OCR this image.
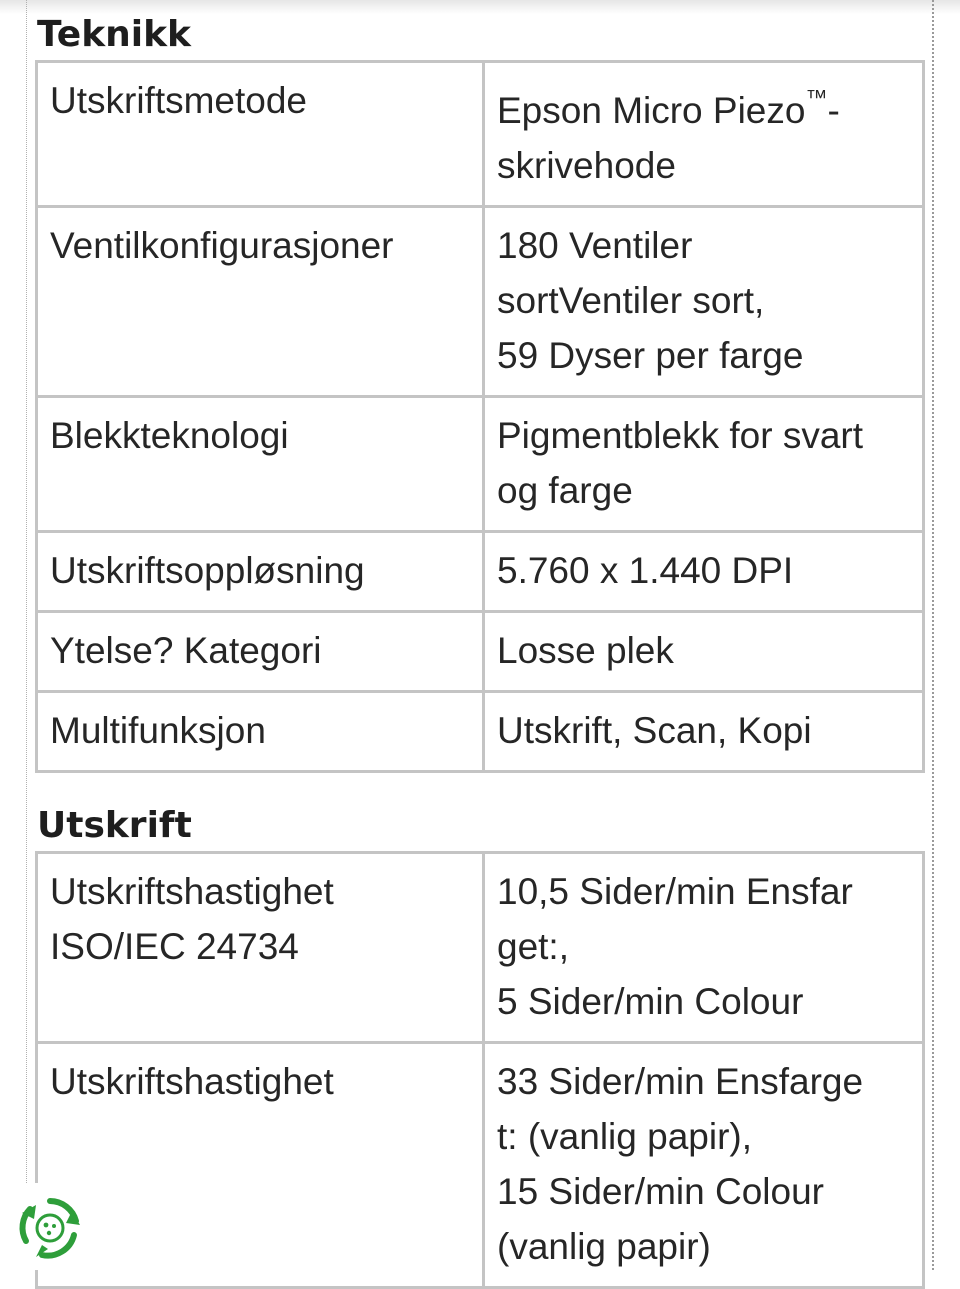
Teknikk
Utskriftsmetode	Epson Micro Piezo™-
skrivehode
Ventilkonfigurasjoner	180 Ventiler
sortVentiler sort,
59 Dyser per farge
Blekkteknologi	Pigmentblekk for svart
og farge
Utskriftsoppløsning	5.760 x 1.440 DPI
Ytelse? Kategori	Losse plek
Multifunksjon	Utskrift, Scan, Kopi
Utskrift
Utskriftshastighet
ISO/IEC 24734	10,5 Sider/min Ensfar
get:,
5 Sider/min Colour
Utskriftshastighet	33 Sider/min Ensfarge
t: (vanlig papir),
15 Sider/min Colour
(vanlig papir)
